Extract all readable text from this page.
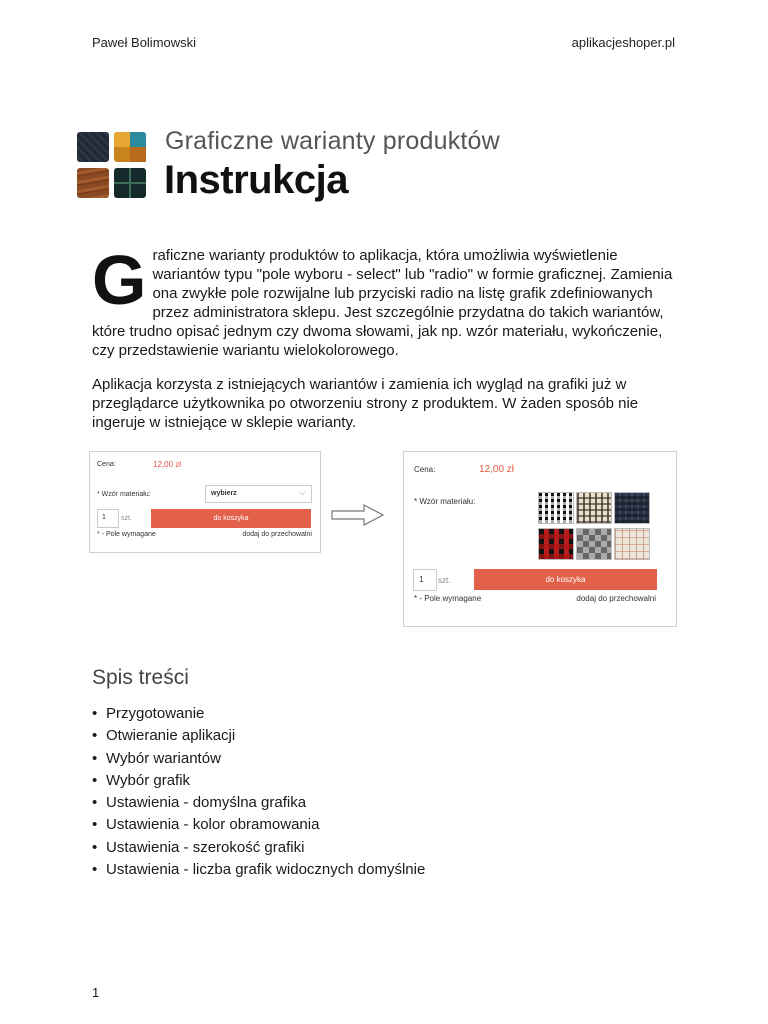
Paweł Bolimowski	aplikacjeshoper.pl
Graficzne warianty produktów
Instrukcja
G raficzne warianty produktów to aplikacja, która umożliwia wyświetlenie wariantów typu "pole wyboru - select" lub "radio" w formie graficznej. Zamienia ona zwykłe pole rozwijalne lub przyciski radio na listę grafik zdefiniowanych przez administratora sklepu. Jest szczególnie przydatna do takich wariantów, które trudno opisać jednym czy dwoma słowami, jak np. wzór materiału, wykończenie, czy przedstawienie wariantu wielokolorowego.
Aplikacja korzysta z istniejących wariantów i zamienia ich wygląd na grafiki już w przeglądarce użytkownika po otworzeniu strony z produktem. W żaden sposób nie ingeruje w istniejące w sklepie warianty.
Cena:	12,00 zł
* Wzór materiału:	wybierz	⌵
1 szt.	do koszyka
* - Pole wymagane	dodaj do przechowalni
Cena:	12,00 zł
* Wzór materiału:
1 szt.	do koszyka
* - Pole wymagane	dodaj do przechowalni
Spis treści
• Przygotowanie
• Otwieranie aplikacji
• Wybór wariantów
• Wybór grafik
• Ustawienia - domyślna grafika
• Ustawienia - kolor obramowania
• Ustawienia - szerokość grafiki
• Ustawienia - liczba grafik widocznych domyślnie
1
